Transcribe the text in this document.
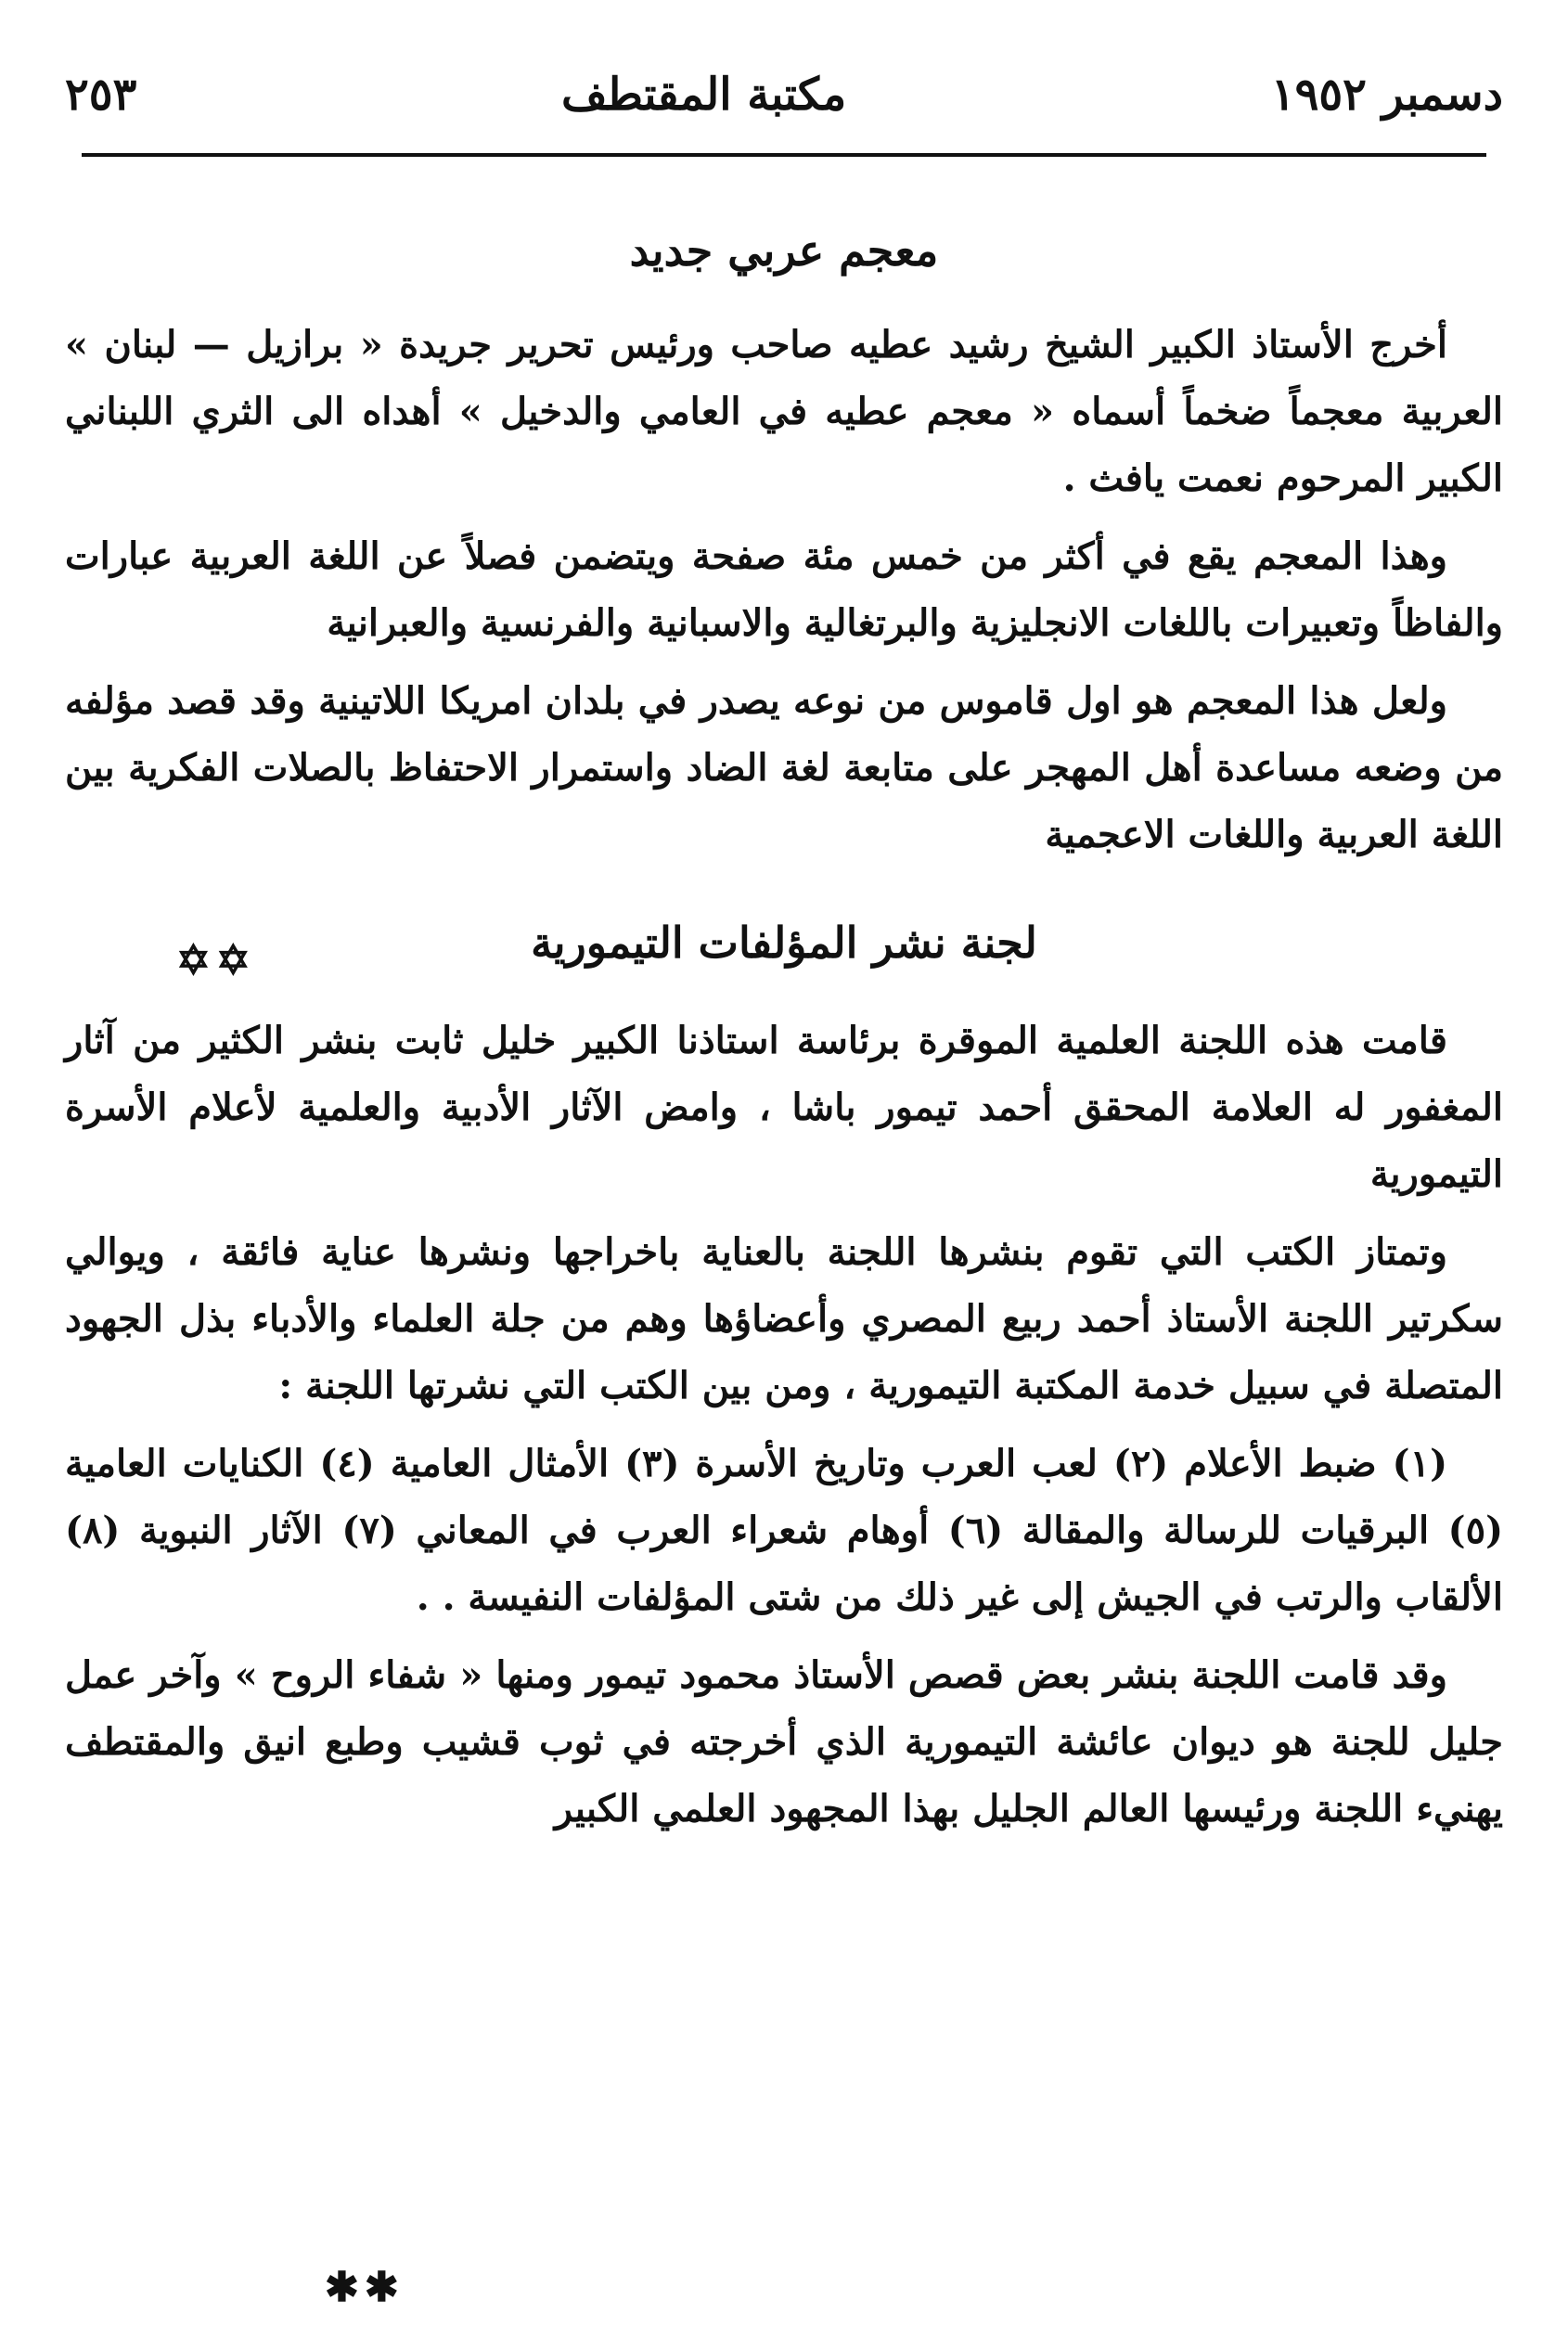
٢٥٣	مكتبة المقتطف	دسمبر ١٩٥٢
معجم عربي جديد

أخرج الأستاذ الكبير الشيخ رشيد عطيه صاحب ورئيس تحرير جريدة « برازيل — لبنان » العربية معجماً ضخماً أسماه « معجم عطيه في العامي والدخيل » أهداه الى الثري اللبناني الكبير المرحوم نعمت يافث .

وهذا المعجم يقع في أكثر من خمس مئة صفحة ويتضمن فصلاً عن اللغة العربية عبارات والفاظاً وتعبيرات باللغات الانجليزية والبرتغالية والاسبانية والفرنسية والعبرانية

ولعل هذا المعجم هو اول قاموس من نوعه يصدر في بلدان امريكا اللاتينية وقد قصد مؤلفه من وضعه مساعدة أهل المهجر على متابعة لغة الضاد واستمرار الاحتفاظ بالصلات الفكرية بين اللغة العربية واللغات الاعجمية

لجنة نشر المؤلفات التيمورية

قامت هذه اللجنة العلمية الموقرة برئاسة استاذنا الكبير خليل ثابت بنشر الكثير من آثار المغفور له العلامة المحقق أحمد تيمور باشا ، وامض الآثار الأدبية والعلمية لأعلام الأسرة التيمورية

وتمتاز الكتب التي تقوم بنشرها اللجنة بالعناية باخراجها ونشرها عناية فائقة ، ويوالي سكرتير اللجنة الأستاذ أحمد ربيع المصري وأعضاؤها وهم من جلة العلماء والأدباء بذل الجهود المتصلة في سبيل خدمة المكتبة التيمورية ، ومن بين الكتب التي نشرتها اللجنة :

(١) ضبط الأعلام (٢) لعب العرب وتاريخ الأسرة (٣) الأمثال العامية (٤) الكنايات العامية (٥) البرقيات للرسالة والمقالة (٦) أوهام شعراء العرب في المعاني (٧) الآثار النبوية (٨) الألقاب والرتب في الجيش إلى غير ذلك من شتى المؤلفات النفيسة . .

وقد قامت اللجنة بنشر بعض قصص الأستاذ محمود تيمور ومنها « شفاء الروح » وآخر عمل جليل للجنة هو ديوان عائشة التيمورية الذي أخرجته في ثوب قشيب وطبع انيق والمقتطف يهنيء اللجنة ورئيسها العالم الجليل بهذا المجهود العلمي الكبير

✡✡
✱✱
